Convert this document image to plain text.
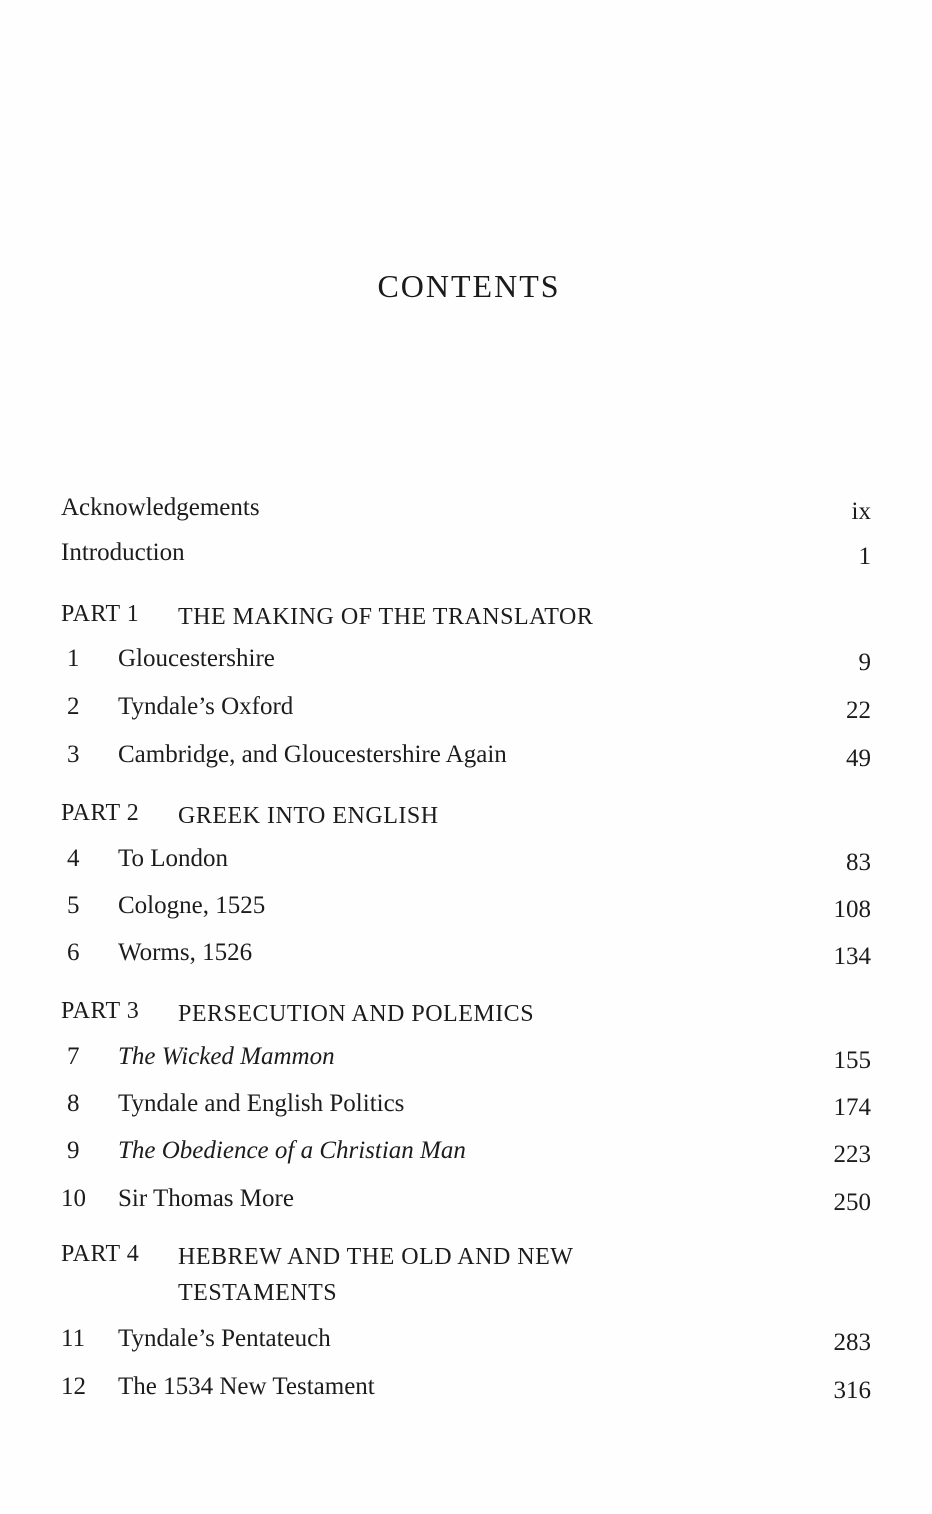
CONTENTS
Acknowledgements	ix
Introduction	1
PART 1 THE MAKING OF THE TRANSLATOR
1	Gloucestershire	9
2	Tyndale’s Oxford	22
3	Cambridge, and Gloucestershire Again	49
PART 2 GREEK INTO ENGLISH
4	To London	83
5	Cologne, 1525	108
6	Worms, 1526	134
PART 3 PERSECUTION AND POLEMICS
7	The Wicked Mammon	155
8	Tyndale and English Politics	174
9	The Obedience of a Christian Man	223
10 Sir Thomas More	250
PART 4 HEBREW AND THE OLD AND NEW TESTAMENTS
11 Tyndale’s Pentateuch	283
12 The 1534 New Testament	316
